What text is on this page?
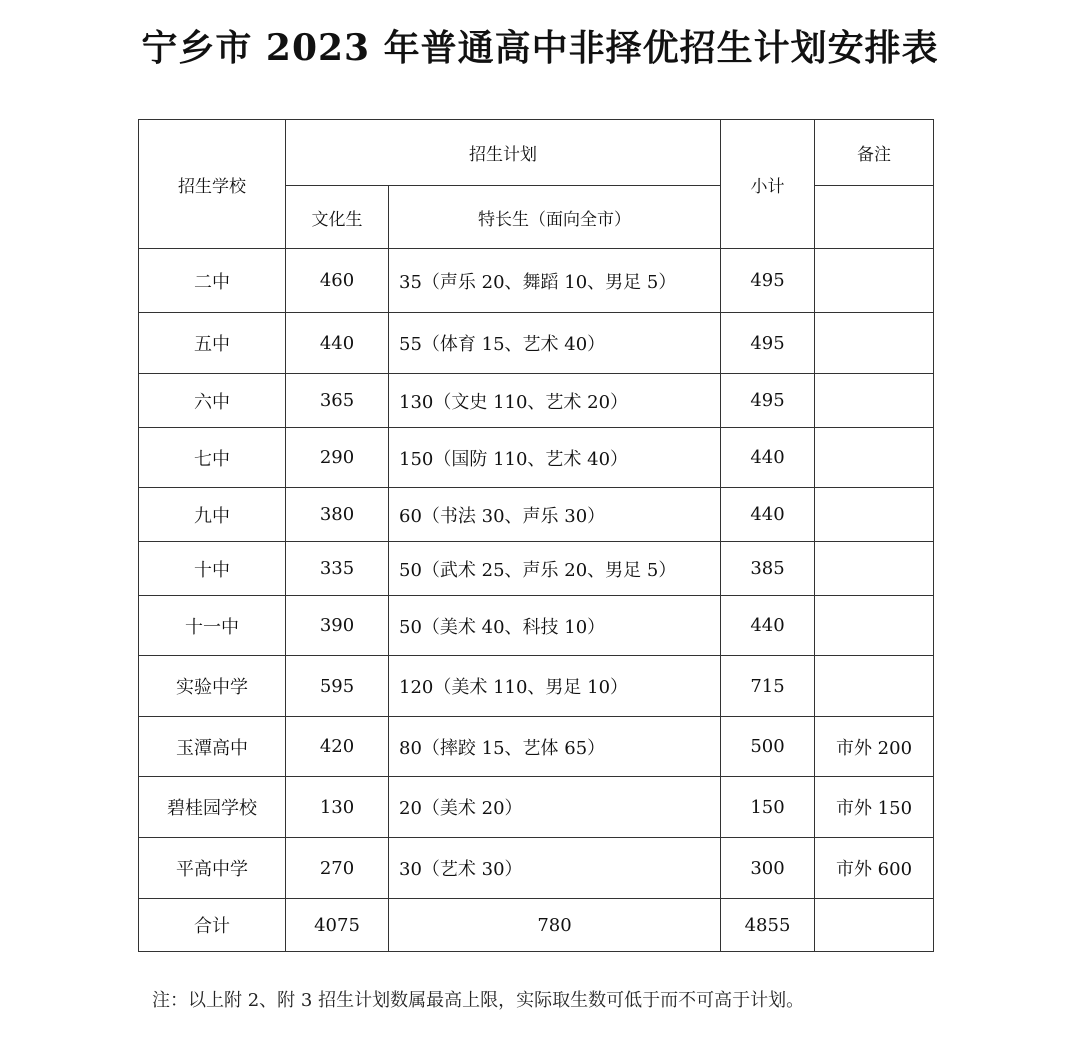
宁乡市 2023 年普通高中非择优招生计划安排表
招生学校	招生计划		小计	备注
	文化生	特长生（面向全市）		
二中	460	35（声乐 20、舞蹈 10、男足 5）	495	
五中	440	55（体育 15、艺术 40）	495	
六中	365	130（文史 110、艺术 20）	495	
七中	290	150（国防 110、艺术 40）	440	
九中	380	60（书法 30、声乐 30）	440	
十中	335	50（武术 25、声乐 20、男足 5）	385	
十一中	390	50（美术 40、科技 10）	440	
实验中学	595	120（美术 110、男足 10）	715	
玉潭高中	420	80（摔跤 15、艺体 65）	500	市外 200
碧桂园学校	130	20（美术 20）	150	市外 150
平高中学	270	30（艺术 30）	300	市外 600
合计	4075	780	4855	
注：以上附 2、附 3 招生计划数属最高上限，实际取生数可低于而不可高于计划。
